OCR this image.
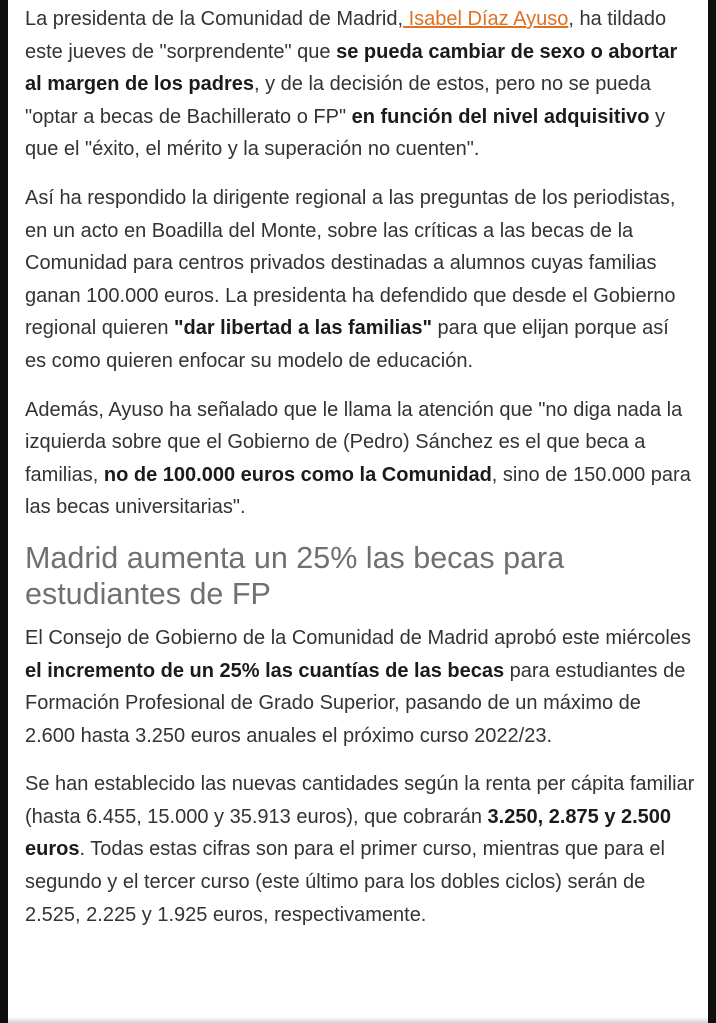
La presidenta de la Comunidad de Madrid, Isabel Díaz Ayuso, ha tildado este jueves de "sorprendente" que se pueda cambiar de sexo o abortar al margen de los padres, y de la decisión de estos, pero no se pueda "optar a becas de Bachillerato o FP" en función del nivel adquisitivo y que el "éxito, el mérito y la superación no cuenten".

Así ha respondido la dirigente regional a las preguntas de los periodistas, en un acto en Boadilla del Monte, sobre las críticas a las becas de la Comunidad para centros privados destinadas a alumnos cuyas familias ganan 100.000 euros. La presidenta ha defendido que desde el Gobierno regional quieren "dar libertad a las familias" para que elijan porque así es como quieren enfocar su modelo de educación.

Además, Ayuso ha señalado que le llama la atención que "no diga nada la izquierda sobre que el Gobierno de (Pedro) Sánchez es el que beca a familias, no de 100.000 euros como la Comunidad, sino de 150.000 para las becas universitarias".

Madrid aumenta un 25% las becas para estudiantes de FP

El Consejo de Gobierno de la Comunidad de Madrid aprobó este miércoles el incremento de un 25% las cuantías de las becas para estudiantes de Formación Profesional de Grado Superior, pasando de un máximo de 2.600 hasta 3.250 euros anuales el próximo curso 2022/23.

Se han establecido las nuevas cantidades según la renta per cápita familiar (hasta 6.455, 15.000 y 35.913 euros), que cobrarán 3.250, 2.875 y 2.500 euros. Todas estas cifras son para el primer curso, mientras que para el segundo y el tercer curso (este último para los dobles ciclos) serán de 2.525, 2.225 y 1.925 euros, respectivamente.
